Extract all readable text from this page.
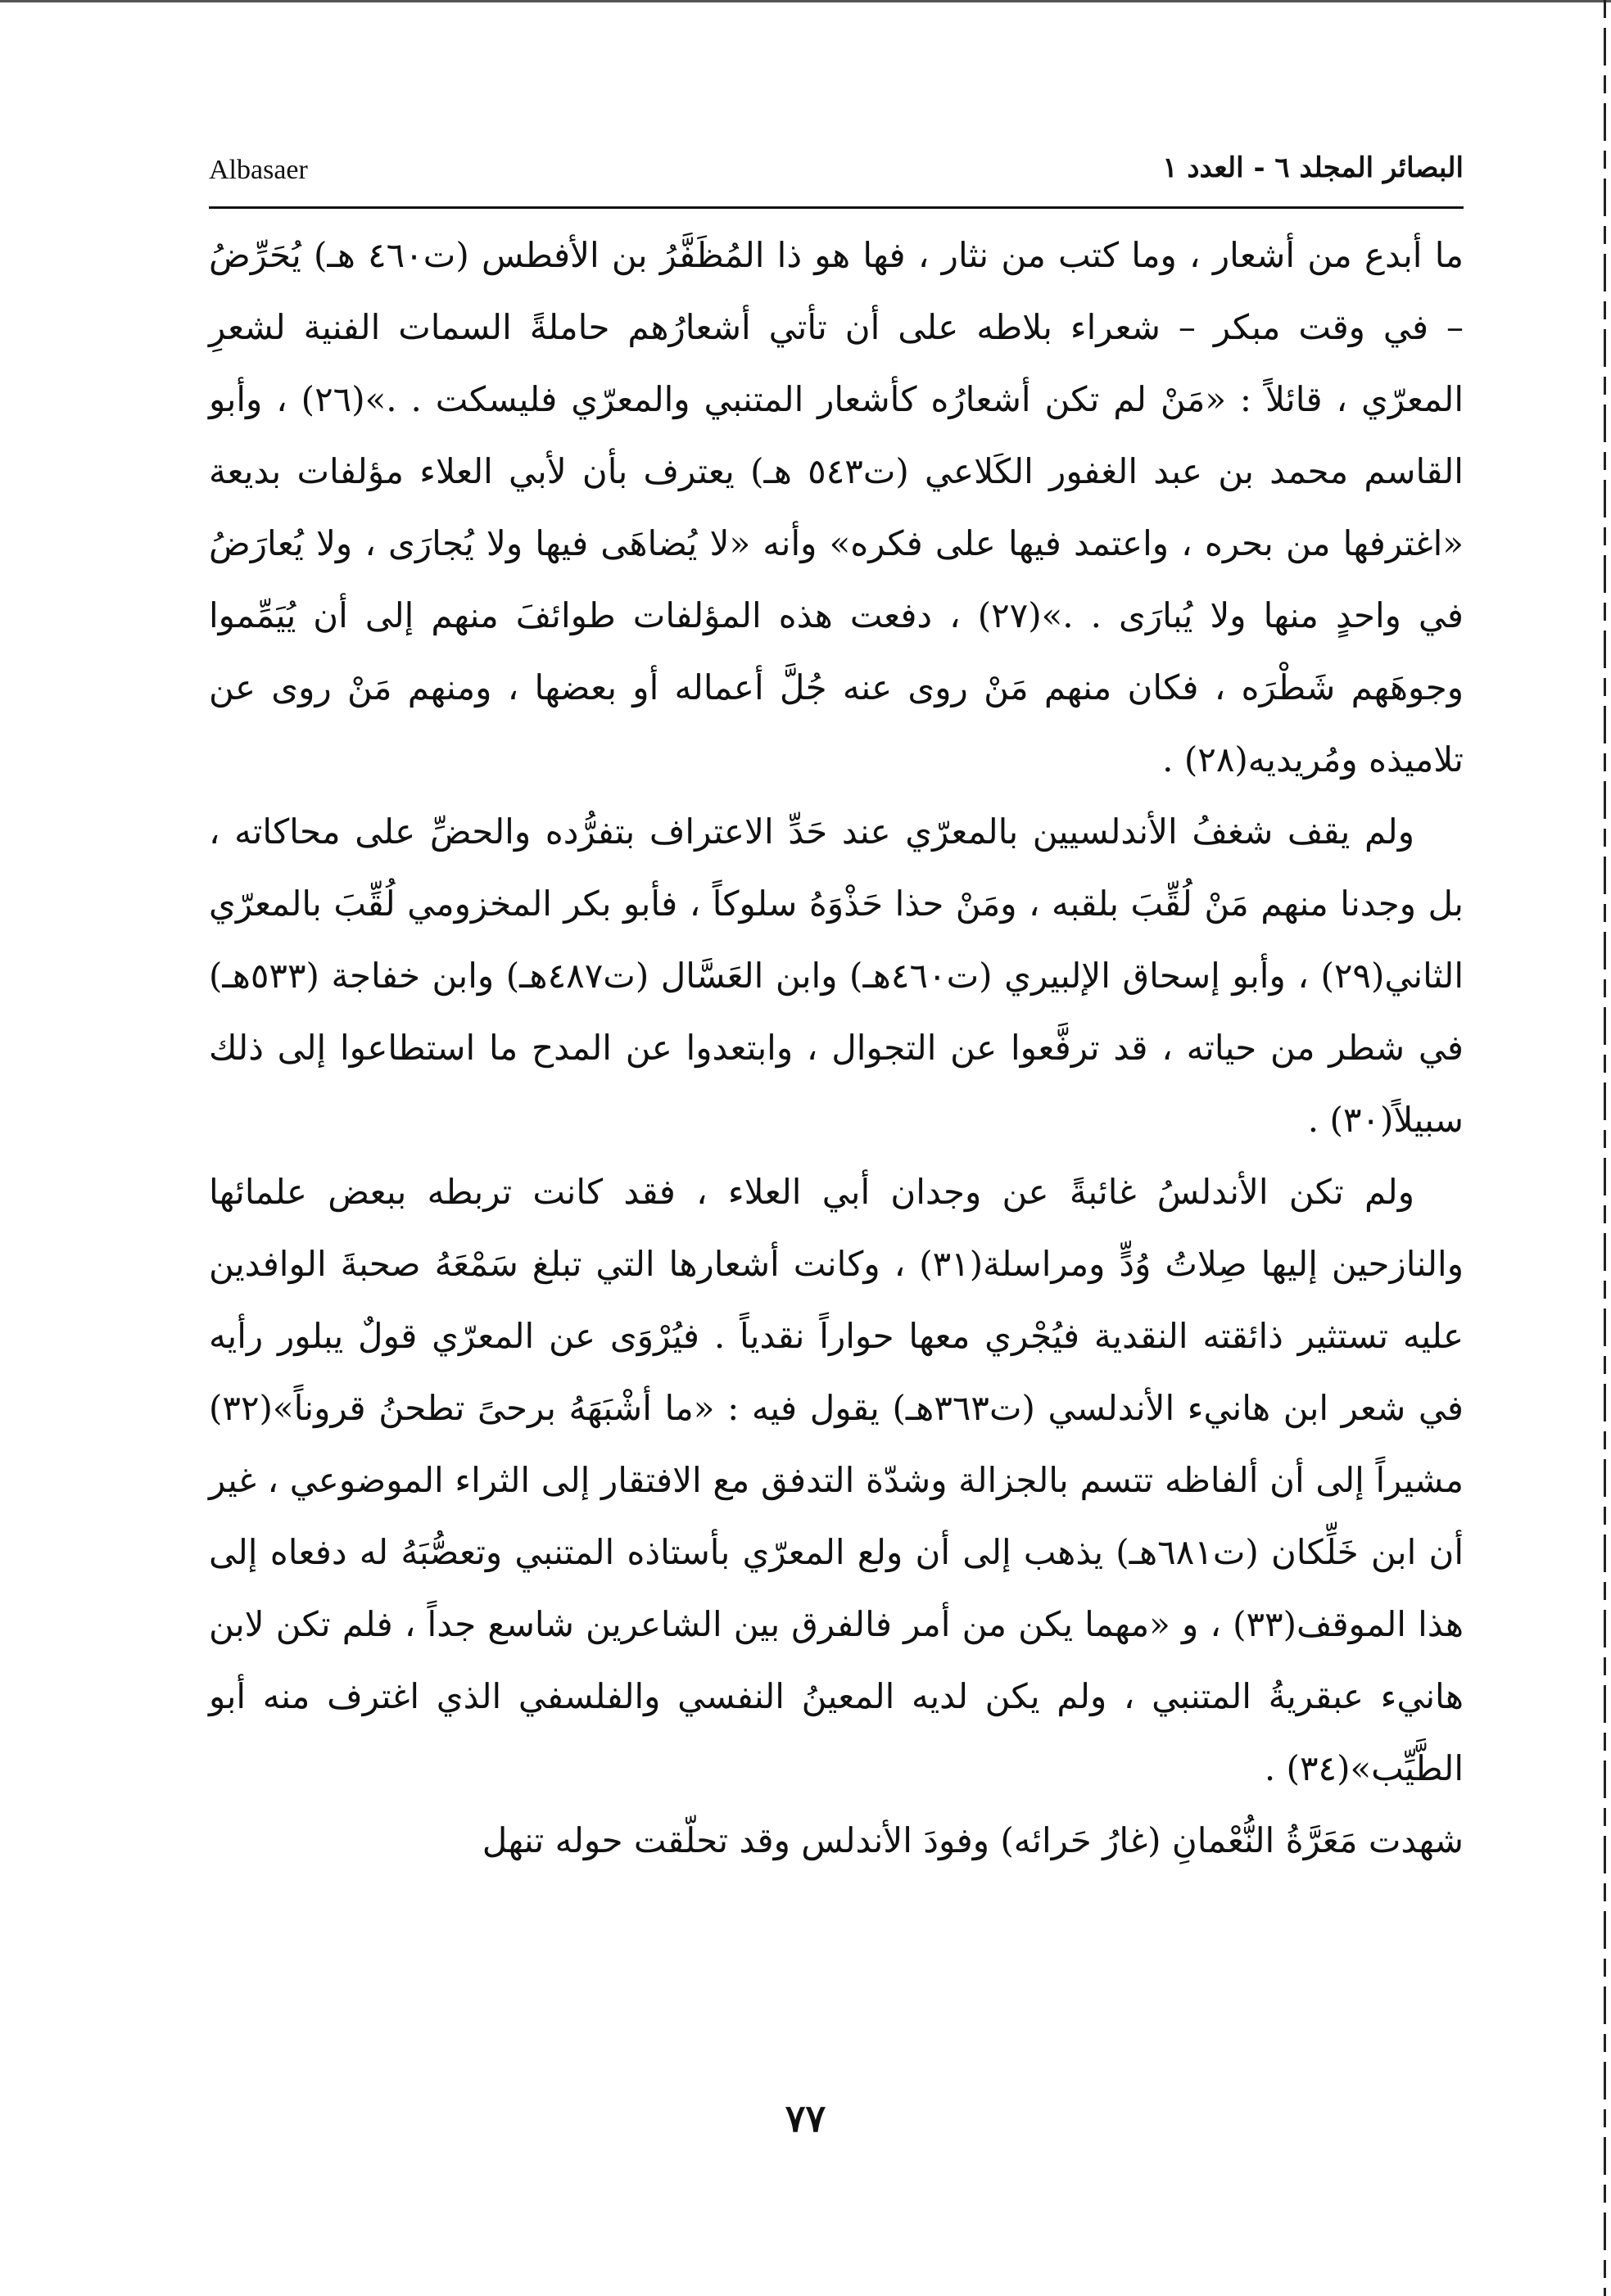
Albasaer	البصائر المجلد ٦ - العدد ١

ما أبدع من أشعار ، وما كتب من نثار ، فها هو ذا المُظَفَّرُ بن الأفطس (ت٤٦٠ هـ) يُحَرِّضُ – في وقت مبكر – شعراء بلاطه على أن تأتي أشعارُهم حاملةً السمات الفنية لشعرِ المعرّي ، قائلاً : «مَنْ لم تكن أشعارُه كأشعار المتنبي والمعرّي فليسكت . .»(٢٦) ، وأبو القاسم محمد بن عبد الغفور الكَلاعي (ت٥٤٣ هـ) يعترف بأن لأبي العلاء مؤلفات بديعة «اغترفها من بحره ، واعتمد فيها على فكره» وأنه «لا يُضاهَى فيها ولا يُجارَى ، ولا يُعارَضُ في واحدٍ منها ولا يُبارَى . .»(٢٧) ، دفعت هذه المؤلفات طوائفَ منهم إلى أن يُيَمِّموا وجوهَهم شَطْرَه ، فكان منهم مَنْ روى عنه جُلَّ أعماله أو بعضها ، ومنهم مَنْ روى عن تلاميذه ومُريديه(٢٨) .

ولم يقف شغفُ الأندلسيين بالمعرّي عند حَدِّ الاعتراف بتفرُّده والحضِّ على محاكاته ، بل وجدنا منهم مَنْ لُقِّبَ بلقبه ، ومَنْ حذا حَذْوَهُ سلوكاً ، فأبو بكر المخزومي لُقِّبَ بالمعرّي الثاني(٢٩) ، وأبو إسحاق الإلبيري (ت٤٦٠هـ) وابن العَسَّال (ت٤٨٧هـ) وابن خفاجة (٥٣٣هـ) في شطر من حياته ، قد ترفَّعوا عن التجوال ، وابتعدوا عن المدح ما استطاعوا إلى ذلك سبيلاً(٣٠) .

ولم تكن الأندلسُ غائبةً عن وجدان أبي العلاء ، فقد كانت تربطه ببعض علمائها والنازحين إليها صِلاتُ وُدٍّ ومراسلة(٣١) ، وكانت أشعارها التي تبلغ سَمْعَهُ صحبةَ الوافدين عليه تستثير ذائقته النقدية فيُجْري معها حواراً نقدياً . فيُرْوَى عن المعرّي قولٌ يبلور رأيه في شعر ابن هانيء الأندلسي (ت٣٦٣هـ) يقول فيه : «ما أشْبَهَهُ برحىً تطحنُ قروناً»(٣٢) مشيراً إلى أن ألفاظه تتسم بالجزالة وشدّة التدفق مع الافتقار إلى الثراء الموضوعي ، غير أن ابن خَلِّكان (ت٦٨١هـ) يذهب إلى أن ولع المعرّي بأستاذه المتنبي وتعصُّبَهُ له دفعاه إلى هذا الموقف(٣٣) ، و «مهما يكن من أمر فالفرق بين الشاعرين شاسع جداً ، فلم تكن لابن هانيء عبقريةُ المتنبي ، ولم يكن لديه المعينُ النفسي والفلسفي الذي اغترف منه أبو الطَّيِّب»(٣٤) .

شهدت مَعَرَّةُ النُّعْمانِ (غارُ حَرائه) وفودَ الأندلس وقد تحلّقت حوله تنهل

٧٧
